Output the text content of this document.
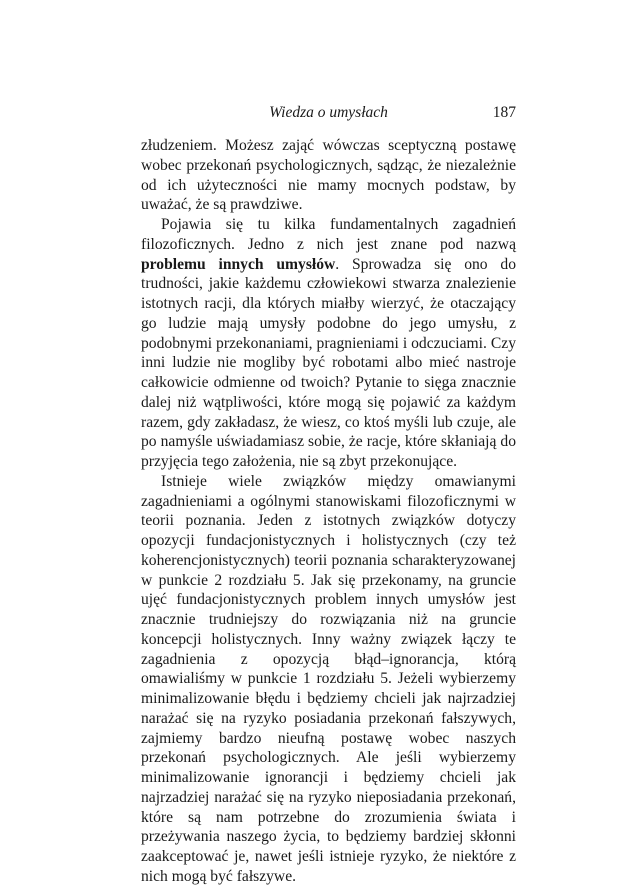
Wiedza o umysłach	187

złudzeniem. Możesz zająć wówczas sceptyczną postawę wobec przekonań psychologicznych, sądząc, że niezależnie od ich użyteczności nie mamy mocnych podstaw, by uważać, że są prawdziwe.

Pojawia się tu kilka fundamentalnych zagadnień filozoficznych. Jedno z nich jest znane pod nazwą problemu innych umysłów. Sprowadza się ono do trudności, jakie każdemu człowiekowi stwarza znalezienie istotnych racji, dla których miałby wierzyć, że otaczający go ludzie mają umysły podobne do jego umysłu, z podobnymi przekonaniami, pragnieniami i odczuciami. Czy inni ludzie nie mogliby być robotami albo mieć nastroje całkowicie odmienne od twoich? Pytanie to sięga znacznie dalej niż wątpliwości, które mogą się pojawić za każdym razem, gdy zakładasz, że wiesz, co ktoś myśli lub czuje, ale po namyśle uświadamiasz sobie, że racje, które skłaniają do przyjęcia tego założenia, nie są zbyt przekonujące.

Istnieje wiele związków między omawianymi zagadnieniami a ogólnymi stanowiskami filozoficznymi w teorii poznania. Jeden z istotnych związków dotyczy opozycji fundacjonistycznych i holistycznych (czy też koherencjonistycznych) teorii poznania scharakteryzowanej w punkcie 2 rozdziału 5. Jak się przekonamy, na gruncie ujęć fundacjonistycznych problem innych umysłów jest znacznie trudniejszy do rozwiązania niż na gruncie koncepcji holistycznych. Inny ważny związek łączy te zagadnienia z opozycją błąd–ignorancja, którą omawialiśmy w punkcie 1 rozdziału 5. Jeżeli wybierzemy minimalizowanie błędu i będziemy chcieli jak najrzadziej narażać się na ryzyko posiadania przekonań fałszywych, zajmiemy bardzo nieufną postawę wobec naszych przekonań psychologicznych. Ale jeśli wybierzemy minimalizowanie ignorancji i będziemy chcieli jak najrzadziej narażać się na ryzyko nieposiadania przekonań, które są nam potrzebne do zrozumienia świata i przeżywania naszego życia, to będziemy bardziej skłonni zaakceptować je, nawet jeśli istnieje ryzyko, że niektóre z nich mogą być fałszywe.
